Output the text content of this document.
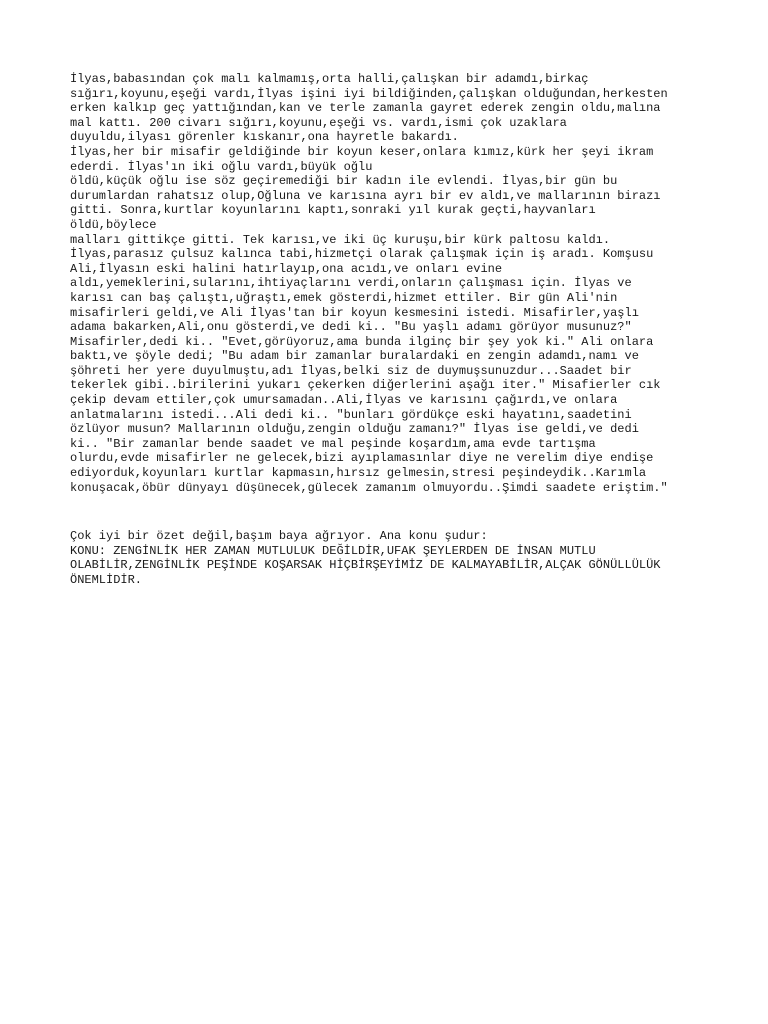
İlyas,babasından çok malı kalmamış,orta halli,çalışkan bir adamdı,birkaç
sığırı,koyunu,eşeği vardı,İlyas işini iyi bildiğinden,çalışkan olduğundan,herkesten
erken kalkıp geç yattığından,kan ve terle zamanla gayret ederek zengin oldu,malına
mal kattı. 200 civarı sığırı,koyunu,eşeği vs. vardı,ismi çok uzaklara
duyuldu,ilyası görenler kıskanır,ona hayretle bakardı.
İlyas,her bir misafir geldiğinde bir koyun keser,onlara kımız,kürk her şeyi ikram
ederdi. İlyas'ın iki oğlu vardı,büyük oğlu
öldü,küçük oğlu ise söz geçiremediği bir kadın ile evlendi. İlyas,bir gün bu
durumlardan rahatsız olup,Oğluna ve karısına ayrı bir ev aldı,ve mallarının birazı
gitti. Sonra,kurtlar koyunlarını kaptı,sonraki yıl kurak geçti,hayvanları
öldü,böylece
malları gittikçe gitti. Tek karısı,ve iki üç kuruşu,bir kürk paltosu kaldı.
İlyas,parasız çulsuz kalınca tabi,hizmetçi olarak çalışmak için iş aradı. Komşusu
Ali,İlyasın eski halini hatırlayıp,ona acıdı,ve onları evine
aldı,yemeklerini,sularını,ihtiyaçlarını verdi,onların çalışması için. İlyas ve
karısı can baş çalıştı,uğraştı,emek gösterdi,hizmet ettiler. Bir gün Ali'nin
misafirleri geldi,ve Ali İlyas'tan bir koyun kesmesini istedi. Misafirler,yaşlı
adama bakarken,Ali,onu gösterdi,ve dedi ki.. "Bu yaşlı adamı görüyor musunuz?"
Misafirler,dedi ki.. "Evet,görüyoruz,ama bunda ilginç bir şey yok ki." Ali onlara
baktı,ve şöyle dedi; "Bu adam bir zamanlar buralardaki en zengin adamdı,namı ve
şöhreti her yere duyulmuştu,adı İlyas,belki siz de duymuşsunuzdur...Saadet bir
tekerlek gibi..birilerini yukarı çekerken diğerlerini aşağı iter." Misafierler cık
çekip devam ettiler,çok umursamadan..Ali,İlyas ve karısını çağırdı,ve onlara
anlatmalarını istedi...Ali dedi ki.. "bunları gördükçe eski hayatını,saadetini
özlüyor musun? Mallarının olduğu,zengin olduğu zamanı?" İlyas ise geldi,ve dedi
ki.. "Bir zamanlar bende saadet ve mal peşinde koşardım,ama evde tartışma
olurdu,evde misafirler ne gelecek,bizi ayıplamasınlar diye ne verelim diye endişe
ediyorduk,koyunları kurtlar kapmasın,hırsız gelmesin,stresi peşindeydik..Karımla
konuşacak,öbür dünyayı düşünecek,gülecek zamanım olmuyordu..Şimdi saadete eriştim."
Çok iyi bir özet değil,başım baya ağrıyor. Ana konu şudur:
KONU: ZENGİNLİK HER ZAMAN MUTLULUK DEĞİLDİR,UFAK ŞEYLERDEN DE İNSAN MUTLU
OLABİLİR,ZENGİNLİK PEŞİNDE KOŞARSAK HİÇBİRŞEYİMİZ DE KALMAYABİLİR,ALÇAK GÖNÜLLÜLÜK
ÖNEMLİDİR.
